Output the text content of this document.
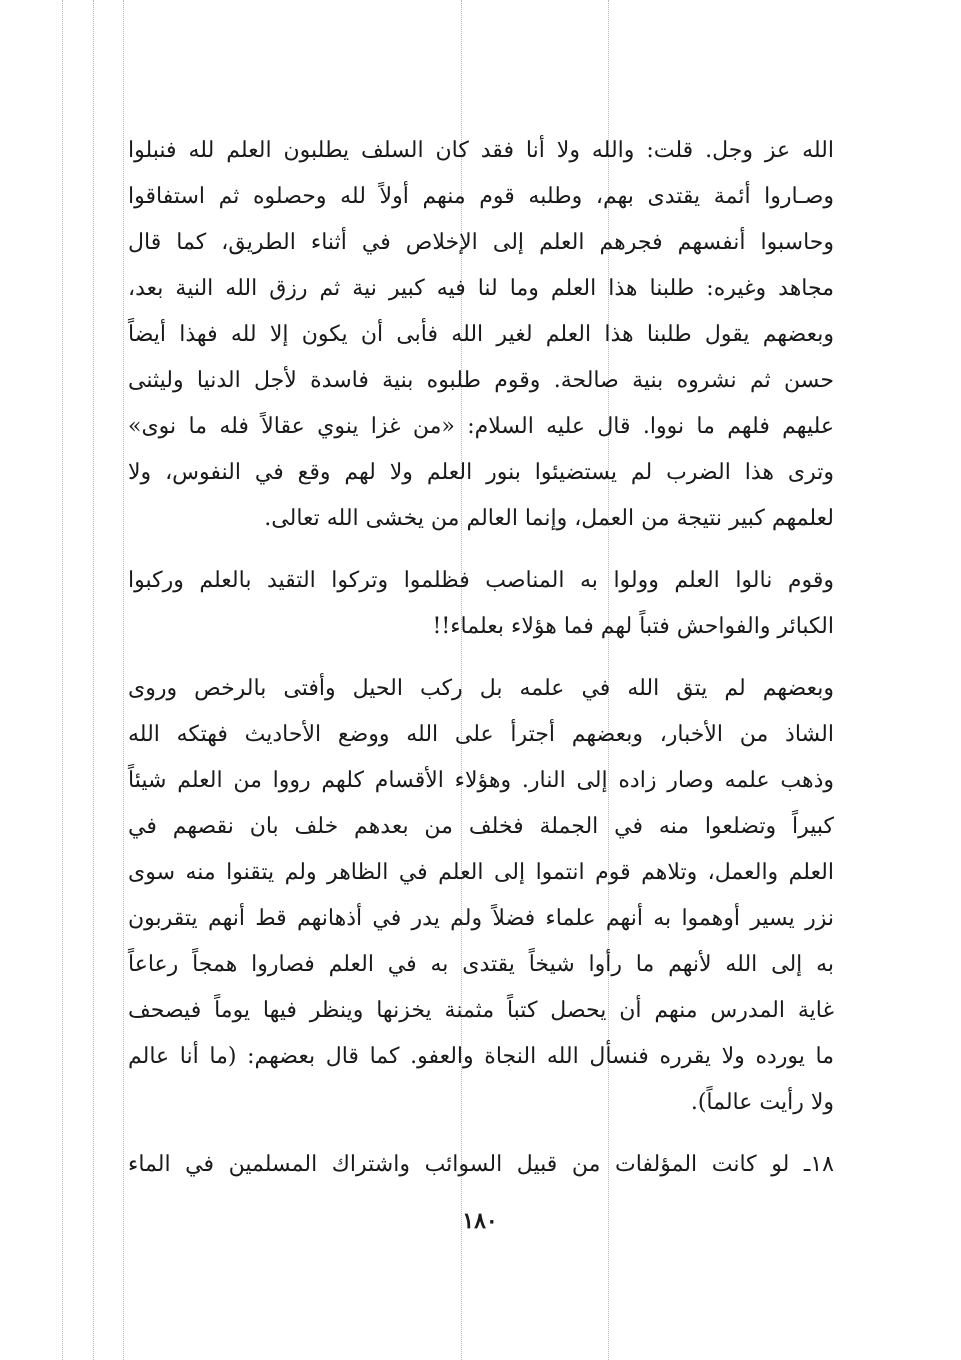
الله عز وجل. قلت: والله ولا أنا فقد كان السلف يطلبون العلم لله فنبلوا
وصـاروا أئمة يقتدى بهم، وطلبه قوم منهم أولاً لله وحصلوه ثم استفاقوا
وحاسبوا أنفسهم فجرهم العلم إلى الإخلاص في أثناء الطريق، كما قال
مجاهد وغيره: طلبنا هذا العلم وما لنا فيه كبير نية ثم رزق الله النية بعد،
وبعضهم يقول طلبنا هذا العلم لغير الله فأبى أن يكون إلا لله فهذا أيضاً
حسن ثم نشروه بنية صالحة. وقوم طلبوه بنية فاسدة لأجل الدنيا وليثنى
عليهم فلهم ما نووا. قال عليه السلام: «من غزا ينوي عقالاً فله ما نوى»
وترى هذا الضرب لم يستضيئوا بنور العلم ولا لهم وقع في النفوس، ولا
لعلمهم كبير نتيجة من العمل، وإنما العالم من يخشى الله تعالى.
وقوم نالوا العلم وولوا به المناصب فظلموا وتركوا التقيد بالعلم وركبوا
الكبائر والفواحش فتباً لهم فما هؤلاء بعلماء!!
وبعضهم لم يتق الله في علمه بل ركب الحيل وأفتى بالرخص وروى
الشاذ من الأخبار، وبعضهم أجترأ على الله ووضع الأحاديث فهتكه الله
وذهب علمه وصار زاده إلى النار. وهؤلاء الأقسام كلهم رووا من العلم شيئاً
كبيراً وتضلعوا منه في الجملة فخلف من بعدهم خلف بان نقصهم في
العلم والعمل، وتلاهم قوم انتموا إلى العلم في الظاهر ولم يتقنوا منه سوى
نزر يسير أوهموا به أنهم علماء فضلاً ولم يدر في أذهانهم قط أنهم يتقربون
به إلى الله لأنهم ما رأوا شيخاً يقتدى به في العلم فصاروا همجاً رعاعاً
غاية المدرس منهم أن يحصل كتباً مثمنة يخزنها وينظر فيها يوماً فيصحف
ما يورده ولا يقرره فنسأل الله النجاة والعفو. كما قال بعضهم: (ما أنا عالم
ولا رأيت عالماً).
١٨ـ لو كانت المؤلفات من قبيل السوائب واشتراك المسلمين في الماء
١٨٠
